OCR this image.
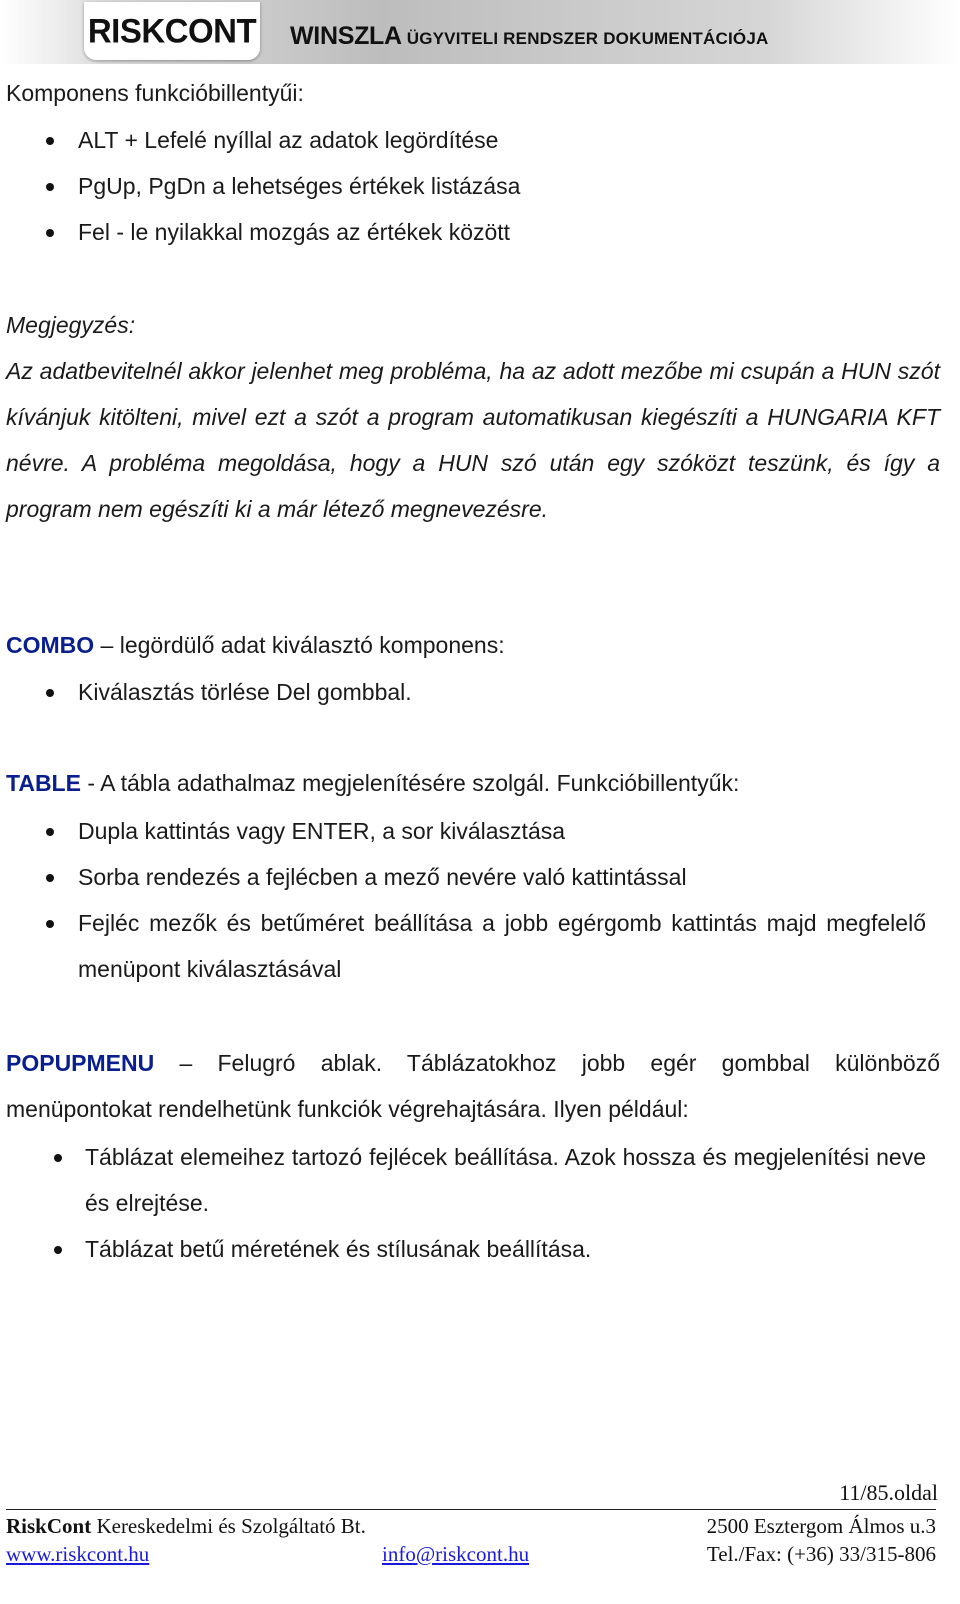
RISKCONT WINSZLA ÜGYVITELI RENDSZER DOKUMENTÁCIÓJA

Komponens funkcióbillentyűi:

ALT + Lefelé nyíllal az adatok legördítése
PgUp, PgDn a lehetséges értékek listázása
Fel - le nyilakkal mozgás az értékek között

Megjegyzés:

Az adatbevitelnél akkor jelenhet meg probléma, ha az adott mezőbe mi csupán a HUN szót kívánjuk kitölteni, mivel ezt a szót a program automatikusan kiegészíti a HUNGARIA KFT névre. A probléma megoldása, hogy a HUN szó után egy szóközt teszünk, és így a program nem egészíti ki a már létező megnevezésre.

COMBO – legördülő adat kiválasztó komponens:

Kiválasztás törlése Del gombbal.

TABLE - A tábla adathalmaz megjelenítésére szolgál. Funkcióbillentyűk:

Dupla kattintás vagy ENTER, a sor kiválasztása
Sorba rendezés a fejlécben a mező nevére való kattintással
Fejléc mezők és betűméret beállítása a jobb egérgomb kattintás majd megfelelő menüpont kiválasztásával

POPUPMENU – Felugró ablak. Táblázatokhoz jobb egér gombbal különböző menüpontokat rendelhetünk funkciók végrehajtására. Ilyen például:

Táblázat elemeihez tartozó fejlécek beállítása. Azok hossza és megjelenítési neve és elrejtése.
Táblázat betű méretének és stílusának beállítása.
11/85.oldal
RiskCont Kereskedelmi és Szolgáltató Bt.	2500 Esztergom Álmos u.3
www.riskcont.hu	info@riskcont.hu	Tel./Fax: (+36) 33/315-806
